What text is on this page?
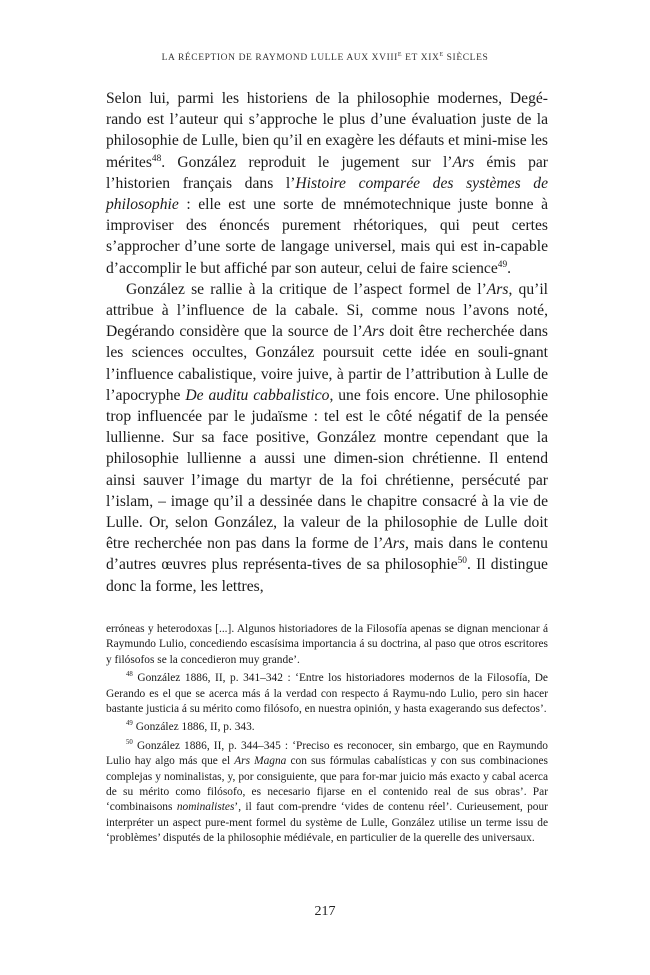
LA RÉCEPTION DE RAYMOND LULLE AUX $XVIII^E$ ET $XIX^E$ SIÈCLES

Selon lui, parmi les historiens de la philosophie modernes, Degé-rando est l’auteur qui s’approche le plus d’une évaluation juste de la philosophie de Lulle, bien qu’il en exagère les défauts et mini-mise les mérites$^{48}$. González reproduit le jugement sur l’Ars émis par l’historien français dans l’Histoire comparée des systèmes de philosophie : elle est une sorte de mnémotechnique juste bonne à improviser des énoncés purement rhétoriques, qui peut certes s’approcher d’une sorte de langage universel, mais qui est in-capable d’accomplir le but affiché par son auteur, celui de faire science$^{49}$.

González se rallie à la critique de l’aspect formel de l’Ars, qu’il attribue à l’influence de la cabale. Si, comme nous l’avons noté, Degérando considère que la source de l’Ars doit être recherchée dans les sciences occultes, González poursuit cette idée en souli-gnant l’influence cabalistique, voire juive, à partir de l’attribution à Lulle de l’apocryphe De auditu cabbalistico, une fois encore. Une philosophie trop influencée par le judaïsme : tel est le côté négatif de la pensée lullienne. Sur sa face positive, González montre cependant que la philosophie lullienne a aussi une dimen-sion chrétienne. Il entend ainsi sauver l’image du martyr de la foi chrétienne, persécuté par l’islam, – image qu’il a dessinée dans le chapitre consacré à la vie de Lulle. Or, selon González, la valeur de la philosophie de Lulle doit être recherchée non pas dans la forme de l’Ars, mais dans le contenu d’autres œuvres plus représenta-tives de sa philosophie$^{50}$. Il distingue donc la forme, les lettres,

erróneas y heterodoxas [...]. Algunos historiadores de la Filosofía apenas se dignan mencionar á Raymundo Lulio, concediendo escasísima importancia á su doctrina, al paso que otros escritores y filósofos se la concedieron muy grande’.

$^{48}$ González 1886, II, p. 341–342 : ‘Entre los historiadores modernos de la Filosofía, De Gerando es el que se acerca más á la verdad con respecto á Raymu-ndo Lulio, pero sin hacer bastante justicia á su mérito como filósofo, en nuestra opinión, y hasta exagerando sus defectos’.

$^{49}$ González 1886, II, p. 343.

$^{50}$ González 1886, II, p. 344–345 : ‘Preciso es reconocer, sin embargo, que en Raymundo Lulio hay algo más que el Ars Magna con sus fórmulas cabalísticas y con sus combinaciones complejas y nominalistas, y, por consiguiente, que para for-mar juicio más exacto y cabal acerca de su mérito como filósofo, es necesario fijarse en el contenido real de sus obras’. Par ‘combinaisons nominalistes’, il faut com-prendre ‘vides de contenu réel’. Curieusement, pour interpréter un aspect pure-ment formel du système de Lulle, González utilise un terme issu de ‘problèmes’ disputés de la philosophie médiévale, en particulier de la querelle des universaux.

217
